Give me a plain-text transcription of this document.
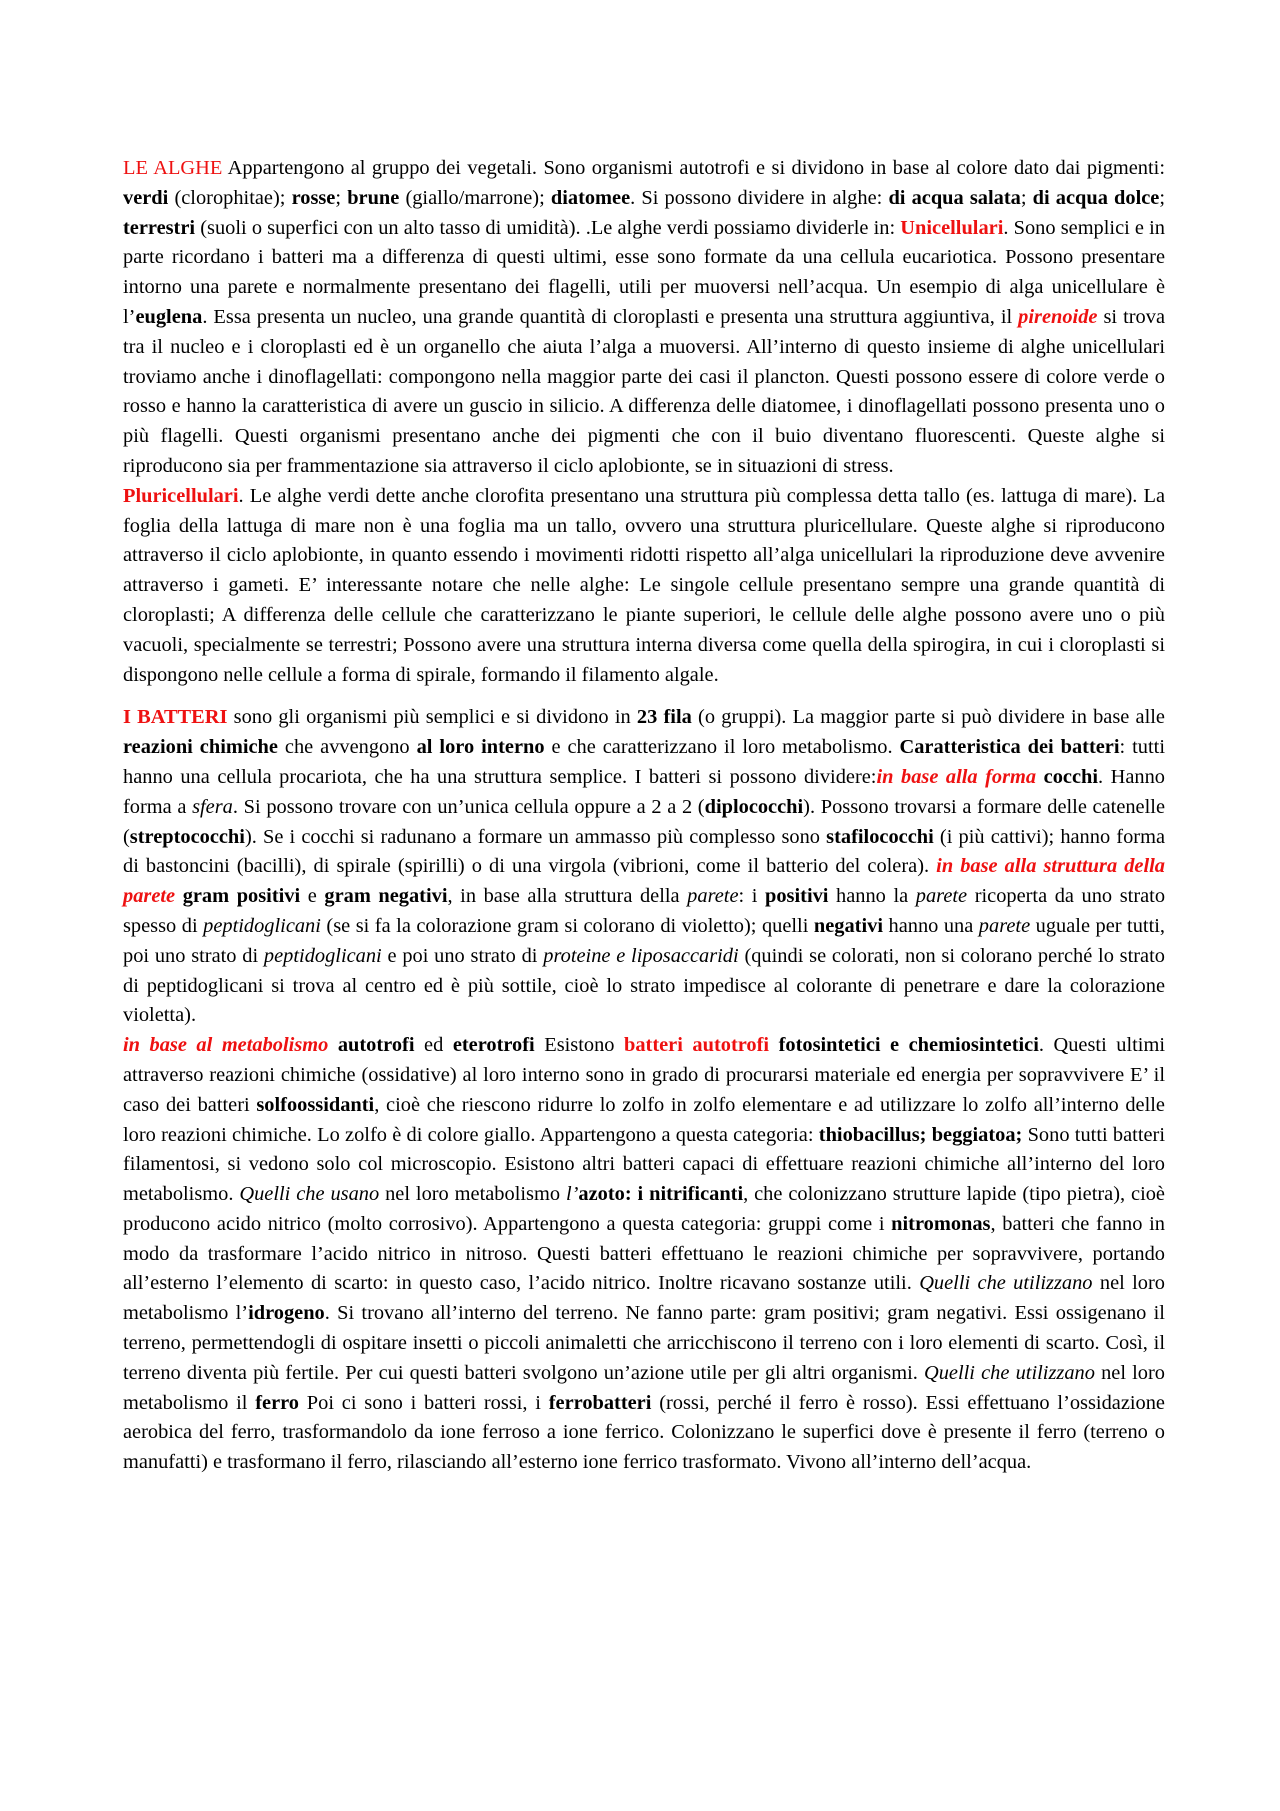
LE ALGHE Appartengono al gruppo dei vegetali. Sono organismi autotrofi e si dividono in base al colore dato dai pigmenti: verdi (clorophitae); rosse; brune (giallo/marrone); diatomee. Si possono dividere in alghe: di acqua salata; di acqua dolce; terrestri (suoli o superfici con un alto tasso di umidità). .Le alghe verdi possiamo dividerle in: Unicellulari. Sono semplici e in parte ricordano i batteri ma a differenza di questi ultimi, esse sono formate da una cellula eucariotica. Possono presentare intorno una parete e normalmente presentano dei flagelli, utili per muoversi nell’acqua. Un esempio di alga unicellulare è l’euglena. Essa presenta un nucleo, una grande quantità di cloroplasti e presenta una struttura aggiuntiva, il pirenoide si trova tra il nucleo e i cloroplasti ed è un organello che aiuta l’alga a muoversi. All’interno di questo insieme di alghe unicellulari troviamo anche i dinoflagellati: compongono nella maggior parte dei casi il plancton. Questi possono essere di colore verde o rosso e hanno la caratteristica di avere un guscio in silicio. A differenza delle diatomee, i dinoflagellati possono presenta uno o più flagelli. Questi organismi presentano anche dei pigmenti che con il buio diventano fluorescenti. Queste alghe si riproducono sia per frammentazione sia attraverso il ciclo aplobionte, se in situazioni di stress.

Pluricellulari. Le alghe verdi dette anche clorofita presentano una struttura più complessa detta tallo (es. lattuga di mare). La foglia della lattuga di mare non è una foglia ma un tallo, ovvero una struttura pluricellulare. Queste alghe si riproducono attraverso il ciclo aplobionte, in quanto essendo i movimenti ridotti rispetto all’alga unicellulari la riproduzione deve avvenire attraverso i gameti. E’ interessante notare che nelle alghe: Le singole cellule presentano sempre una grande quantità di cloroplasti; A differenza delle cellule che caratterizzano le piante superiori, le cellule delle alghe possono avere uno o più vacuoli, specialmente se terrestri; Possono avere una struttura interna diversa come quella della spirogira, in cui i cloroplasti si dispongono nelle cellule a forma di spirale, formando il filamento algale.

I BATTERI sono gli organismi più semplici e si dividono in 23 fila (o gruppi). La maggior parte si può dividere in base alle reazioni chimiche che avvengono al loro interno e che caratterizzano il loro metabolismo. Caratteristica dei batteri: tutti hanno una cellula procariota, che ha una struttura semplice. I batteri si possono dividere:in base alla forma cocchi. Hanno forma a sfera. Si possono trovare con un’unica cellula oppure a 2 a 2 (diplococchi). Possono trovarsi a formare delle catenelle (streptococchi). Se i cocchi si radunano a formare un ammasso più complesso sono stafilococchi (i più cattivi); hanno forma di bastoncini (bacilli), di spirale (spirilli) o di una virgola (vibrioni, come il batterio del colera). in base alla struttura della parete gram positivi e gram negativi, in base alla struttura della parete: i positivi hanno la parete ricoperta da uno strato spesso di peptidoglicani (se si fa la colorazione gram si colorano di violetto); quelli negativi hanno una parete uguale per tutti, poi uno strato di peptidoglicani e poi uno strato di proteine e liposaccaridi (quindi se colorati, non si colorano perché lo strato di peptidoglicani si trova al centro ed è più sottile, cioè lo strato impedisce al colorante di penetrare e dare la colorazione violetta).

in base al metabolismo autotrofi ed eterotrofi Esistono batteri autotrofi fotosintetici e chemiosintetici. Questi ultimi attraverso reazioni chimiche (ossidative) al loro interno sono in grado di procurarsi materiale ed energia per sopravvivere E’ il caso dei batteri solfoossidanti, cioè che riescono ridurre lo zolfo in zolfo elementare e ad utilizzare lo zolfo all’interno delle loro reazioni chimiche. Lo zolfo è di colore giallo. Appartengono a questa categoria: thiobacillus; beggiatoa; Sono tutti batteri filamentosi, si vedono solo col microscopio. Esistono altri batteri capaci di effettuare reazioni chimiche all’interno del loro metabolismo. Quelli che usano nel loro metabolismo l’azoto: i nitrificanti, che colonizzano strutture lapide (tipo pietra), cioè producono acido nitrico (molto corrosivo). Appartengono a questa categoria: gruppi come i nitromonas, batteri che fanno in modo da trasformare l’acido nitrico in nitroso. Questi batteri effettuano le reazioni chimiche per sopravvivere, portando all’esterno l’elemento di scarto: in questo caso, l’acido nitrico. Inoltre ricavano sostanze utili. Quelli che utilizzano nel loro metabolismo l’idrogeno. Si trovano all’interno del terreno. Ne fanno parte: gram positivi; gram negativi. Essi ossigenano il terreno, permettendogli di ospitare insetti o piccoli animaletti che arricchiscono il terreno con i loro elementi di scarto. Così, il terreno diventa più fertile. Per cui questi batteri svolgono un’azione utile per gli altri organismi. Quelli che utilizzano nel loro metabolismo il ferro Poi ci sono i batteri rossi, i ferrobatteri (rossi, perché il ferro è rosso). Essi effettuano l’ossidazione aerobica del ferro, trasformandolo da ione ferroso a ione ferrico. Colonizzano le superfici dove è presente il ferro (terreno o manufatti) e trasformano il ferro, rilasciando all’esterno ione ferrico trasformato. Vivono all’interno dell’acqua.
